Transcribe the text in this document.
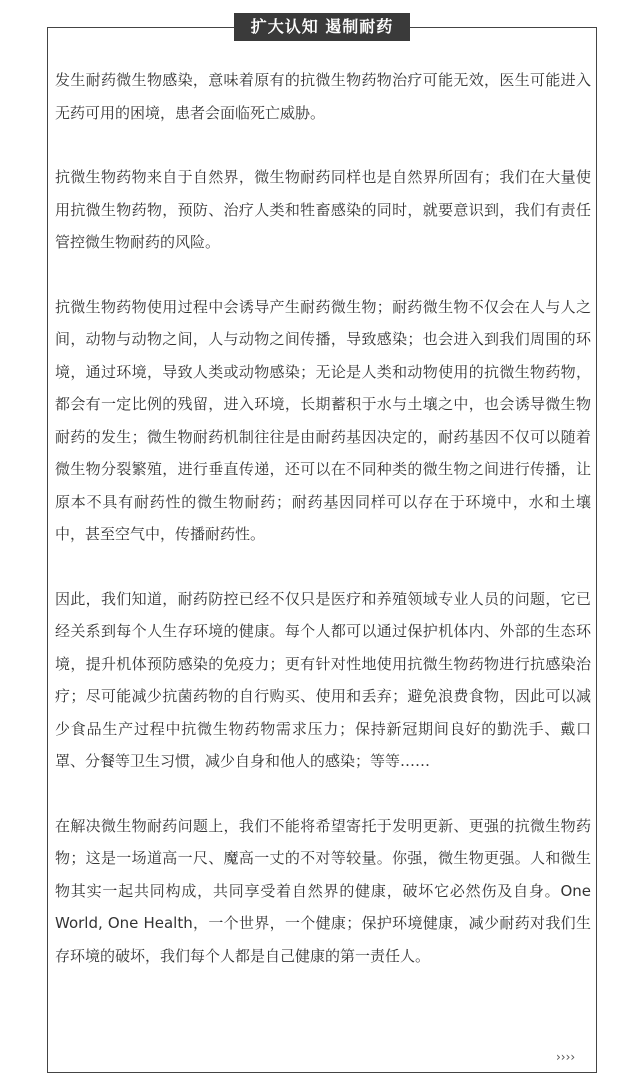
扩大认知 遏制耐药

发生耐药微生物感染，意味着原有的抗微生物药物治疗可能无效，医生可能进入无药可用的困境，患者会面临死亡威胁。

抗微生物药物来自于自然界，微生物耐药同样也是自然界所固有；我们在大量使用抗微生物药物，预防、治疗人类和牲畜感染的同时，就要意识到，我们有责任管控微生物耐药的风险。

抗微生物药物使用过程中会诱导产生耐药微生物；耐药微生物不仅会在人与人之间，动物与动物之间，人与动物之间传播，导致感染；也会进入到我们周围的环境，通过环境，导致人类或动物感染；无论是人类和动物使用的抗微生物药物，都会有一定比例的残留，进入环境，长期蓄积于水与土壤之中，也会诱导微生物耐药的发生；微生物耐药机制往往是由耐药基因决定的，耐药基因不仅可以随着微生物分裂繁殖，进行垂直传递，还可以在不同种类的微生物之间进行传播，让原本不具有耐药性的微生物耐药；耐药基因同样可以存在于环境中，水和土壤中，甚至空气中，传播耐药性。

因此，我们知道，耐药防控已经不仅只是医疗和养殖领域专业人员的问题，它已经关系到每个人生存环境的健康。每个人都可以通过保护机体内、外部的生态环境，提升机体预防感染的免疫力；更有针对性地使用抗微生物药物进行抗感染治疗；尽可能减少抗菌药物的自行购买、使用和丢弃；避免浪费食物，因此可以减少食品生产过程中抗微生物药物需求压力；保持新冠期间良好的勤洗手、戴口罩、分餐等卫生习惯，减少自身和他人的感染；等等……

在解决微生物耐药问题上，我们不能将希望寄托于发明更新、更强的抗微生物药物；这是一场道高一尺、魔高一丈的不对等较量。你强，微生物更强。人和微生物其实一起共同构成，共同享受着自然界的健康，破坏它必然伤及自身。One World, One Health，一个世界，一个健康；保护环境健康，减少耐药对我们生存环境的破坏，我们每个人都是自己健康的第一责任人。

››››
